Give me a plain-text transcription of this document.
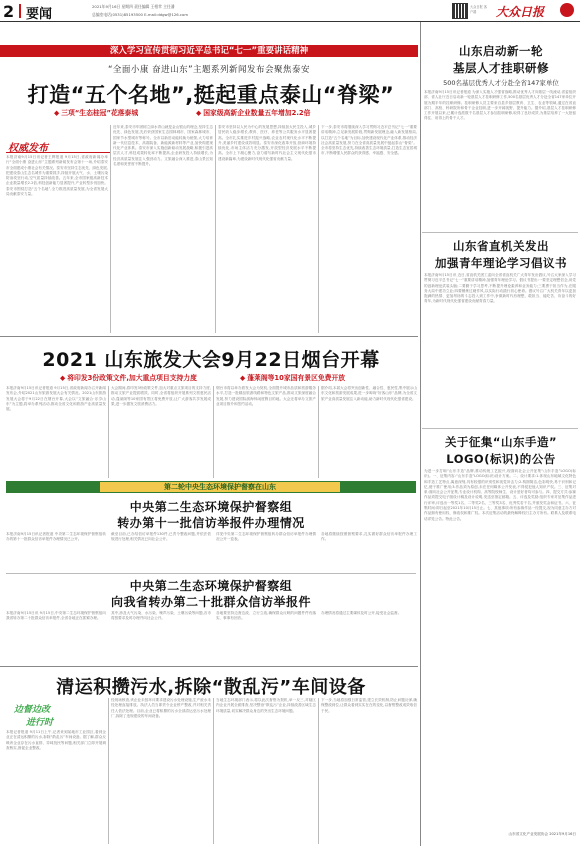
2 要闻
2021年9月16日 星期四 责任编辑 王相苹 主任潘
总编室电话(0531)85193500 E-mail:ddgw@126.com
大众日报 客户端	大众日报
深入学习宣传贯彻习近平总书记“七一”重要讲话精神
“全面小康 奋进山东”主题系列新闻发布会聚焦泰安
打造“五个名地”,挺起重点泰山“脊梁”
◆ 三项“生态桂冠”花落泰城	◆ 国家级高新企业数量五年增加2.2倍
权威发布
本报济南9月15日讯记者王辉报道 9月15日,省政府新闻办举行“全面小康 奋进山东”主题系列新闻发布会第十一场,介绍泰安市全面建成小康社会有关情况。泰安市坚持生态优先、绿色发展,把建设泰山生态名城作为重要抓手,持续开展大气、水、土壤污染防治攻坚行动,空气质量持续改善。五年来,全市国家级高新技术企业数量增长2.2倍,科技创新能力显著提升,产业转型步伐加快。泰安市围绕打造“五个名地”,全力推进高质量发展,为全省发展大局贡献泰安力量。
近年来,泰安市牢固树立绿水青山就是金山银山的理念,坚持生态优先、绿色发展,先后荣获国家生态园林城市、国家森林城市、国家节水型城市等称号。全市以新旧动能转换为统领,大力培育新一代信息技术、高端装备、新能源新材料等产业,加快构建现代化产业体系。泰安市深入实施创新驱动发展战略,积极引进高层次人才,科技成果转化率不断提高,企业研发投入持续增长,为经济高质量发展注入强劲动力。文旅融合深入推进,泰山景区知名度和美誉度不断提升。
泰安市坚持以人民为中心的发展思想,持续加大民生投入,城乡居民收入稳步增长,教育、医疗、养老等公共服务水平显著提高。全市扎实推进乡村振兴战略,农业农村现代化水平不断提升,美丽乡村建设成效明显。泰安市深化改革开放,营商环境持续优化,市场主体活力充分激发,开放型经济发展水平不断提高。全市上下凝心聚力,奋力谱写新时代社会主义现代化强市建设新篇章,为建设新时代现代化强省贡献力量。
下一步,泰安市将继续深入学习贯彻习近平总书记“七一”重要讲话精神,立足新发展阶段,贯彻新发展理念,融入新发展格局,以打造“五个名地”为目标,加快建设现代化产业体系,推动经济社会高质量发展,努力在全省高质量发展中挺起泰山“脊梁”。全市将坚持生态优先,持续改善生态环境质量,打造生态宜居城市,不断增强人民群众的获得感、幸福感、安全感。
2021 山东旅发大会9月22日烟台开幕
◆ 将印发3份政策文件,加大重点项目支持力度	◆ 蓬莱阁等10家国有景区免费开放
本报济南9月15日讯记者报道 9月15日,省政府新闻办召开新闻发布会,介绍2021山东旅游发展大会有关情况。2021山东旅游发展大会将于9月22日在烟台开幕,大会以“文旅融合·乐享山东”为主题,将举办系列活动,推动全省文化和旅游产业高质量发展。
大会期间,将印发3份政策文件,加大对重点文旅项目的支持力度,推动文旅产业提质增效。同时,全省将组织开展系列文旅惠民活动,蓬莱阁等10家国有景区将免费开放,让广大游客共享发展成果,进一步激发文旅消费活力。
烟台市将以举办旅发大会为契机,全面提升城市品质和旅游服务水平,打造一批精品旅游线路和特色文旅产品,推动文旅深度融合发展,努力建设国际滨海休闲度假目的地。大会还将举办文旅产业项目推介和签约活动。
据介绍,本届大会将突出创新性、融合性、惠民性,集中展示山东文化和旅游发展成果,进一步叫响“好客山东”品牌,为全省文旅产业高质量发展注入新动能,助力新时代现代化强省建设。
第二轮中央生态环境保护督察在山东
中央第二生态环境保护督察组
转办第十一批信访举报件办理情况
本报济南9月15日讯记者报道 中央第二生态环境保护督察组转办的第十一批群众信访举报件办理情况已公开。
截至目前,已办结信访举报件130件,已责令整改问题,并依法依规进行处理,相关情况已向社会公开。
详见中央第二生态环境保护督察组转办群众信访举报件办理情况公开一览表。
各地将继续按照督察要求,扎实做好群众信访举报件办理工作。
中央第二生态环境保护督察组
向我省转办第二十批群众信访举报件
本报济南9月15日讯 9月15日,中央第二生态环境保护督察组向我省转办第二十批群众信访举报件,全省各地正在抓紧办理。
其中,涉及大气污染、水污染、噪声污染、土壤污染等问题,各市将按要求及时办理并向社会公开。
各地要坚持边督边改、立行立改,确保群众反映的问题件件有落实、事事有回音。
办理情况将通过主要媒体及时公开,接受社会监督。
清运积攒污水,拆除“散乱污”车间设备
边督边改
进行时
本报记者报道 9月11日上午,记者来到某地市工业园区,看到企业正在清运积攒的污水,拆除“散乱污”车间设备。据了解,群众反映该企业存在污水直排、异味扰民等问题,相关部门立即开展调查核实,督促企业整改。
经现场核查,该企业未按环评要求建设污水处理设施,生产废水未经处理直接排放。执法人员当即责令企业停产整改,并对相关责任人依法处理。目前,企业已将积攒的污水全部清运至污水处理厂,拆除了违规建设的车间设备。
当地生态环境部门表示,将以此次督察为契机,举一反三,对辖区内企业开展全面排查,坚决整治“散乱污”企业,持续改善区域生态环境质量,切实解决群众身边的突出生态环境问题。
下一步,当地将加强日常监管,建立长效机制,防止问题反弹,确保整改到位,让群众看到实实在在的变化,以督察整改成效取信于民。
山东启动新一轮
基层人才挂职研修
500名基层优秀人才分赴全省147家单位
本报济南9月15日讯记者报道 为深入实施人才强省战略,推动优秀人才向基层一线流动,省委组织部、省人社厅近日启动新一轮基层人才挂职研修工作,500名基层优秀人才分赴全省147家单位开展为期半年的挂职研修。挂职研修人员主要来自县乡基层教育、卫生、农业等领域,通过在省直部门、高校、科研院所和骨干企业挂职,进一步开阔视野、提升能力。据介绍,基层人才挂职研修工作开展以来,已累计选派数千名基层人才参加挂职研修,取得了良好成效,为基层培养了一大批留得住、用得上的骨干人才。
山东省直机关发出
加强青年理论学习倡议书
本报济南9月15日讯 近日,省直机关团工委向全省省直机关广大青年发出倡议,号召大家深入学习贯彻习近平总书记“七一”重要讲话精神,加强青年理论学习。倡议书提出:一要坚定理想信念,用党的创新理论武装头脑;二要勤于学习思考,不断提升理论素养和业务能力;三要勇于担当作为,在服务大局中建功立业;四要锤炼过硬作风,以实际行动践行初心使命。倡议号召广大机关青年以更加饱满的热情、更加昂扬的斗志投入到工作中,争做新时代有理想、敢担当、能吃苦、肯奋斗的好青年,为新时代现代化强省建设贡献青春力量。
关于征集“山东手造”
LOGO(标识)的公告
为进一步打响“山东手造”品牌,推动传统工艺振兴,现面向社会公开征集“山东手造”LOGO(标识)。一、征集内容:“山东手造”LOGO(标识)设计方案。二、设计要求:1.体现山东地域文化特色和手造工艺特点,寓意深刻,具有较强的识别性和视觉冲击力;2.构图简洁,色彩明快,易于识别和记忆,便于推广使用;3.作品须为原创,未在任何媒体公开发表,不得侵犯他人知识产权。三、征集对象:面向社会公开征集,专业设计机构、高等院校师生、设计爱好者均可参与。四、提交方式:参赛作品须提交电子版设计稿及设计说明,发送至指定邮箱。五、评选及奖励:组织专家对征集作品进行评审,评选出一等奖1名、二等奖2名、三等奖3名、优秀奖若干名,并颁发奖金和证书。六、征集时间:即日起至2021年10月15日止。七、其他事项:所有参赛作品一经提交,视为同意主办方对作品拥有使用权、修改权和推广权。本次征集活动的最终解释权归主办方所有。联系人及联系电话详见公告。特此公告。
山东省文化产业发展协会 2021年9月16日
